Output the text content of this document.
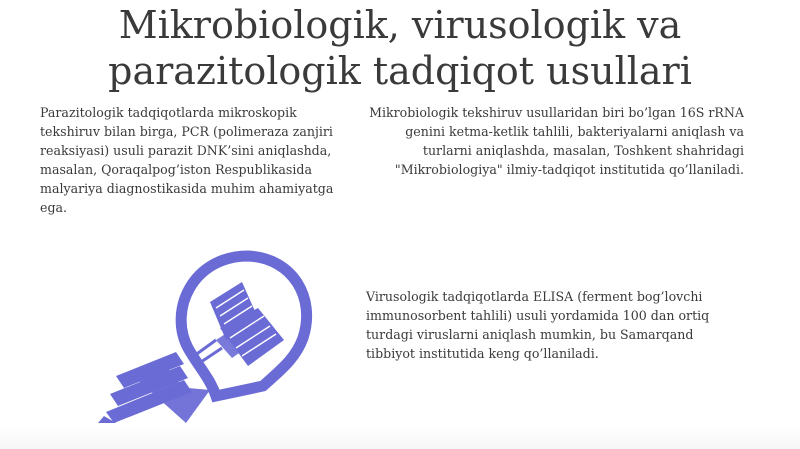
Mikrobiologik, virusologik va parazitologik tadqiqot usullari

Parazitologik tadqiqotlarda mikroskopik tekshiruv bilan birga, PCR (polimeraza zanjiri reaksiyasi) usuli parazit DNK’sini aniqlashda, masalan, Qoraqalpog’iston Respublikasida malyariya diagnostikasida muhim ahamiyatga ega.

Mikrobiologik tekshiruv usullaridan biri bo’lgan 16S rRNA genini ketma-ketlik tahlili, bakteriyalarni aniqlash va turlarni aniqlashda, masalan, Toshkent shahridagi "Mikrobiologiya" ilmiy-tadqiqot institutida qo’llaniladi.

Virusologik tadqiqotlarda ELISA (ferment bog’lovchi immunosorbent tahlili) usuli yordamida 100 dan ortiq turdagi viruslarni aniqlash mumkin, bu Samarqand tibbiyot institutida keng qo’llaniladi.
